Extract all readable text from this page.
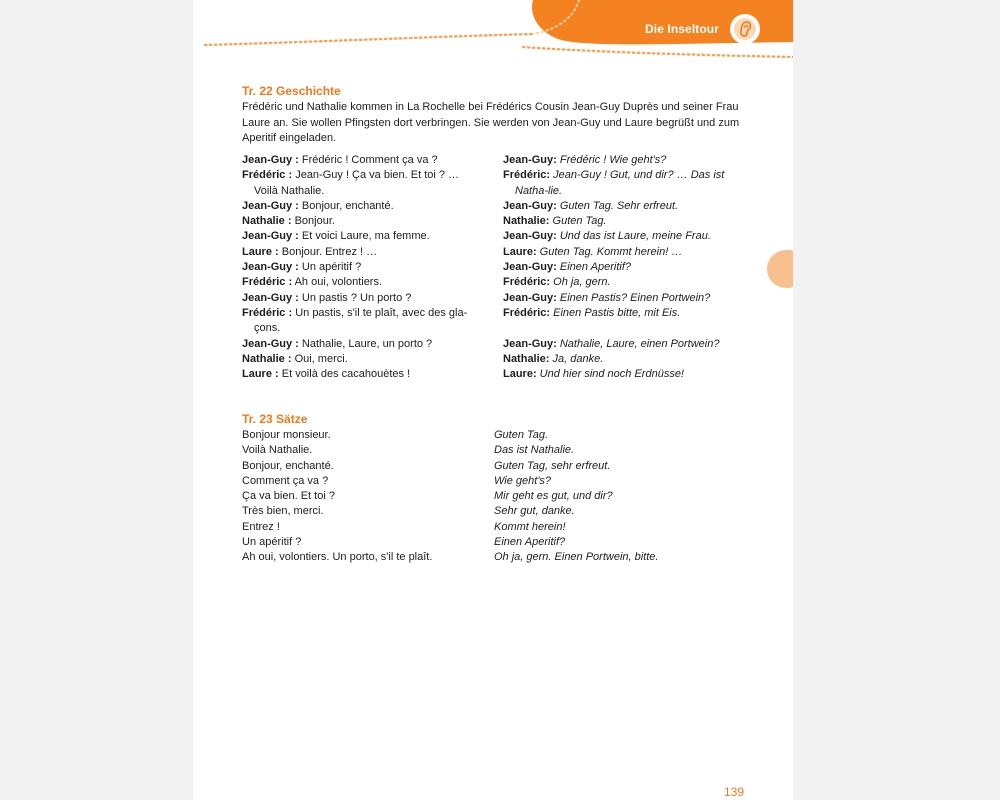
Die Inseltour
Tr. 22 Geschichte
Frédéric und Nathalie kommen in La Rochelle bei Frédérics Cousin Jean-Guy Duprès und seiner Frau Laure an. Sie wollen Pfingsten dort verbringen. Sie werden von Jean-Guy und Laure begrüßt und zum Aperitif eingeladen.
Jean-Guy : Frédéric ! Comment ça va ?
Frédéric : Jean-Guy ! Ça va bien. Et toi ? … Voilà Nathalie.
Jean-Guy : Bonjour, enchanté.
Nathalie : Bonjour.
Jean-Guy : Et voici Laure, ma femme.
Laure : Bonjour. Entrez ! …
Jean-Guy : Un apéritif ?
Frédéric : Ah oui, volontiers.
Jean-Guy : Un pastis ? Un porto ?
Frédéric : Un pastis, s'il te plaît, avec des gla-çons.
Jean-Guy : Nathalie, Laure, un porto ?
Nathalie : Oui, merci.
Laure : Et voilà des cacahouètes !
Jean-Guy: Frédéric ! Wie geht's?
Frédéric: Jean-Guy ! Gut, und dir? … Das ist Natha-lie.
Jean-Guy: Guten Tag. Sehr erfreut.
Nathalie: Guten Tag.
Jean-Guy: Und das ist Laure, meine Frau.
Laure: Guten Tag. Kommt herein! …
Jean-Guy: Einen Aperitif?
Frédéric: Oh ja, gern.
Jean-Guy: Einen Pastis? Einen Portwein?
Frédéric: Einen Pastis bitte, mit Eis.
Jean-Guy: Nathalie, Laure, einen Portwein?
Nathalie: Ja, danke.
Laure: Und hier sind noch Erdnüsse!
Tr. 23 Sätze
Bonjour monsieur.
Voilà Nathalie.
Bonjour, enchanté.
Comment ça va ?
Ça va bien. Et toi ?
Très bien, merci.
Entrez !
Un apéritif ?
Ah oui, volontiers. Un porto, s'il te plaît.
Guten Tag.
Das ist Nathalie.
Guten Tag, sehr erfreut.
Wie geht's?
Mir geht es gut, und dir?
Sehr gut, danke.
Kommt herein!
Einen Aperitif?
Oh ja, gern. Einen Portwein, bitte.
139
